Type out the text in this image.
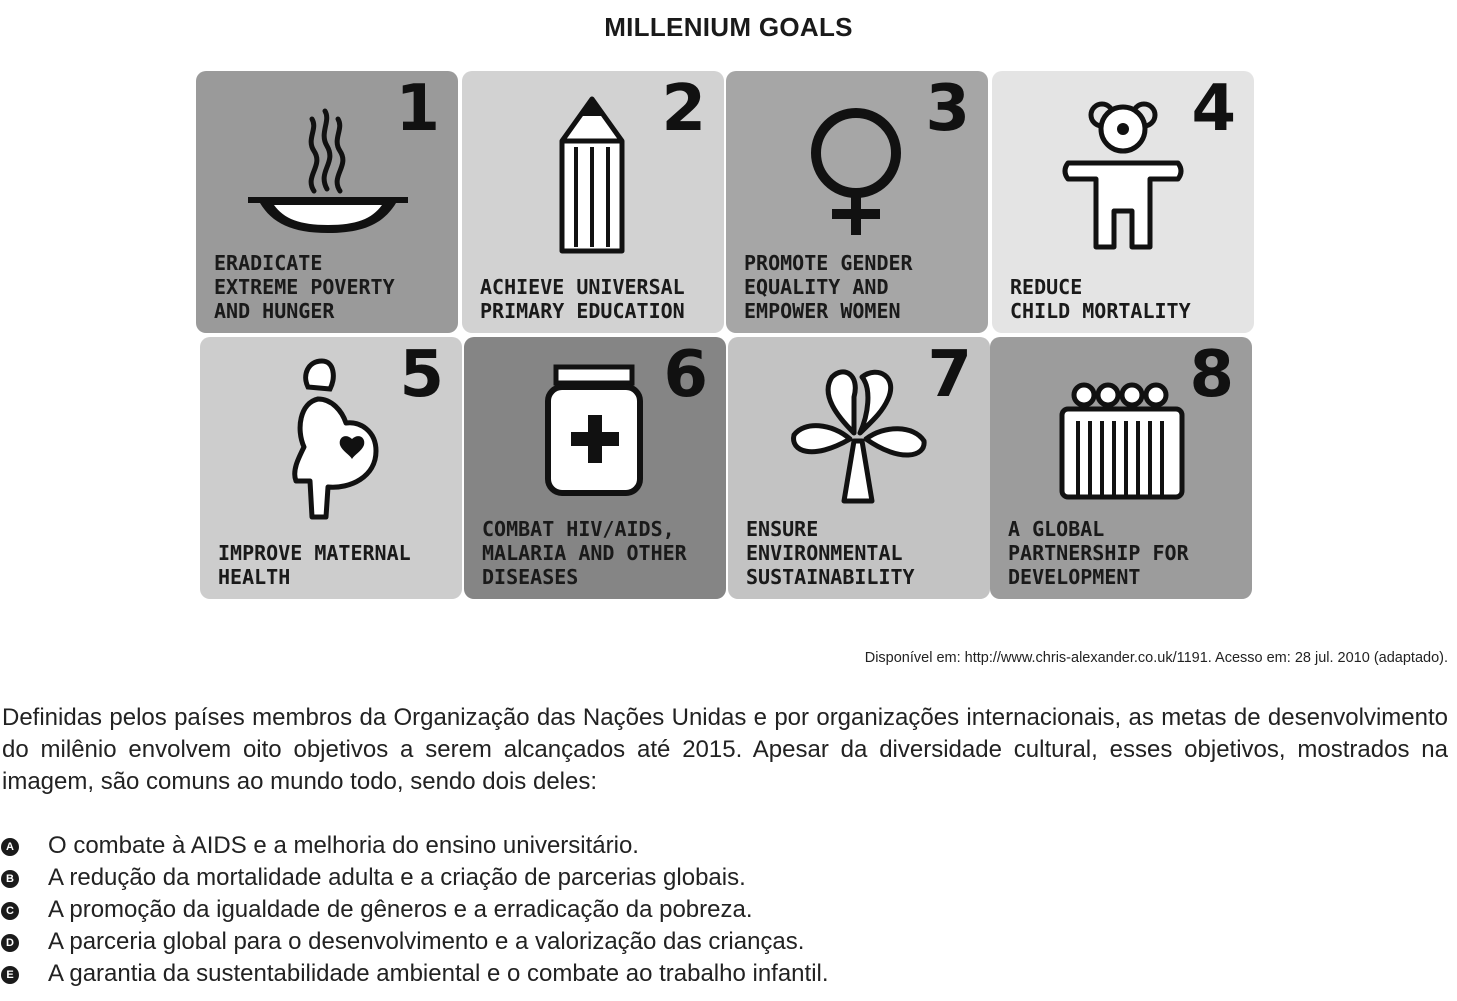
MILLENIUM GOALS
1
ERADICATE
EXTREME POVERTY
AND HUNGER
2
ACHIEVE UNIVERSAL
PRIMARY EDUCATION
3
PROMOTE GENDER
EQUALITY AND
EMPOWER WOMEN
4
REDUCE
CHILD MORTALITY
5
IMPROVE MATERNAL
HEALTH
6
COMBAT HIV/AIDS,
MALARIA AND OTHER
DISEASES
7
ENSURE
ENVIRONMENTAL
SUSTAINABILITY
8
A GLOBAL
PARTNERSHIP FOR
DEVELOPMENT
Disponível em: http://www.chris-alexander.co.uk/1191. Acesso em: 28 jul. 2010 (adaptado).
Definidas pelos países membros da Organização das Nações Unidas e por organizações internacionais, as metas de desenvolvimento do milênio envolvem oito objetivos a serem alcançados até 2015. Apesar da diversidade cultural, esses objetivos, mostrados na imagem, são comuns ao mundo todo, sendo dois deles:
A O combate à AIDS e a melhoria do ensino universitário.
B A redução da mortalidade adulta e a criação de parcerias globais.
C A promoção da igualdade de gêneros e a erradicação da pobreza.
D A parceria global para o desenvolvimento e a valorização das crianças.
E A garantia da sustentabilidade ambiental e o combate ao trabalho infantil.
